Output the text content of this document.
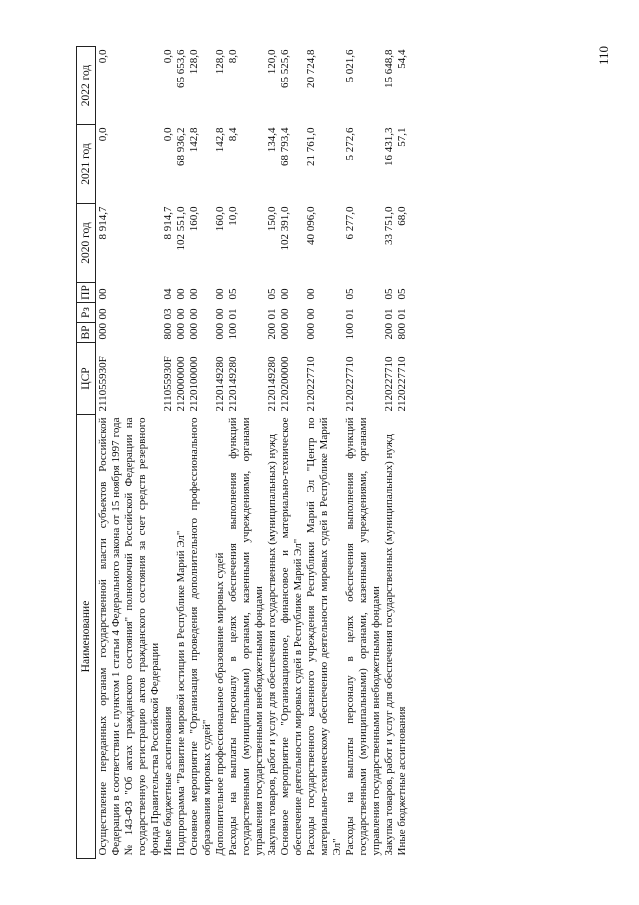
110
Наименование	ЦСР	ВР	Рз	ПР	2020 год	2021 год	2022 год
Осуществление переданных органам государственной власти субъектов Российской Федерации в соответствии с пунктом 1 статьи 4 Федерального закона от 15 ноября 1997 года № 143-ФЗ "Об актах гражданского состояния" полномочий Российской Федерации на государственную регистрацию актов гражданского состояния за счет средств резервного фонда Правительства Российской Федерации	211055930F	000	00	00	8 914,7	0,0	0,0
Иные бюджетные ассигнования	211055930F	800	03	04	8 914,7	0,0	0,0
Подпрограмма "Развитие мировой юстиции в Республике Марий Эл"	2120000000	000	00	00	102 551,0	68 936,2	65 653,6
Основное мероприятие "Организация проведения дополнительного профессионального образования мировых судей"	2120100000	000	00	00	160,0	142,8	128,0
Дополнительное профессиональное образование мировых судей	2120149280	000	00	00	160,0	142,8	128,0
Расходы на выплаты персоналу в целях обеспечения выполнения функций государственными (муниципальными) органами, казенными учреждениями, органами управления государственными внебюджетными фондами	2120149280	100	01	05	10,0	8,4	8,0
Закупка товаров, работ и услуг для обеспечения государственных (муниципальных) нужд	2120149280	200	01	05	150,0	134,4	120,0
Основное мероприятие "Организационное, финансовое и материально-техническое обеспечение деятельности мировых судей в Республике Марий Эл"	2120200000	000	00	00	102 391,0	68 793,4	65 525,6
Расходы государственного казенного учреждения Республики Марий Эл "Центр по материально-техническому обеспечению деятельности мировых судей в Республике Марий Эл"	2120227710	000	00	00	40 096,0	21 761,0	20 724,8
Расходы на выплаты персоналу в целях обеспечения выполнения функций государственными (муниципальными) органами, казенными учреждениями, органами управления государственными внебюджетными фондами	2120227710	100	01	05	6 277,0	5 272,6	5 021,6
Закупка товаров, работ и услуг для обеспечения государственных (муниципальных) нужд	2120227710	200	01	05	33 751,0	16 431,3	15 648,8
Иные бюджетные ассигнования	2120227710	800	01	05	68,0	57,1	54,4
